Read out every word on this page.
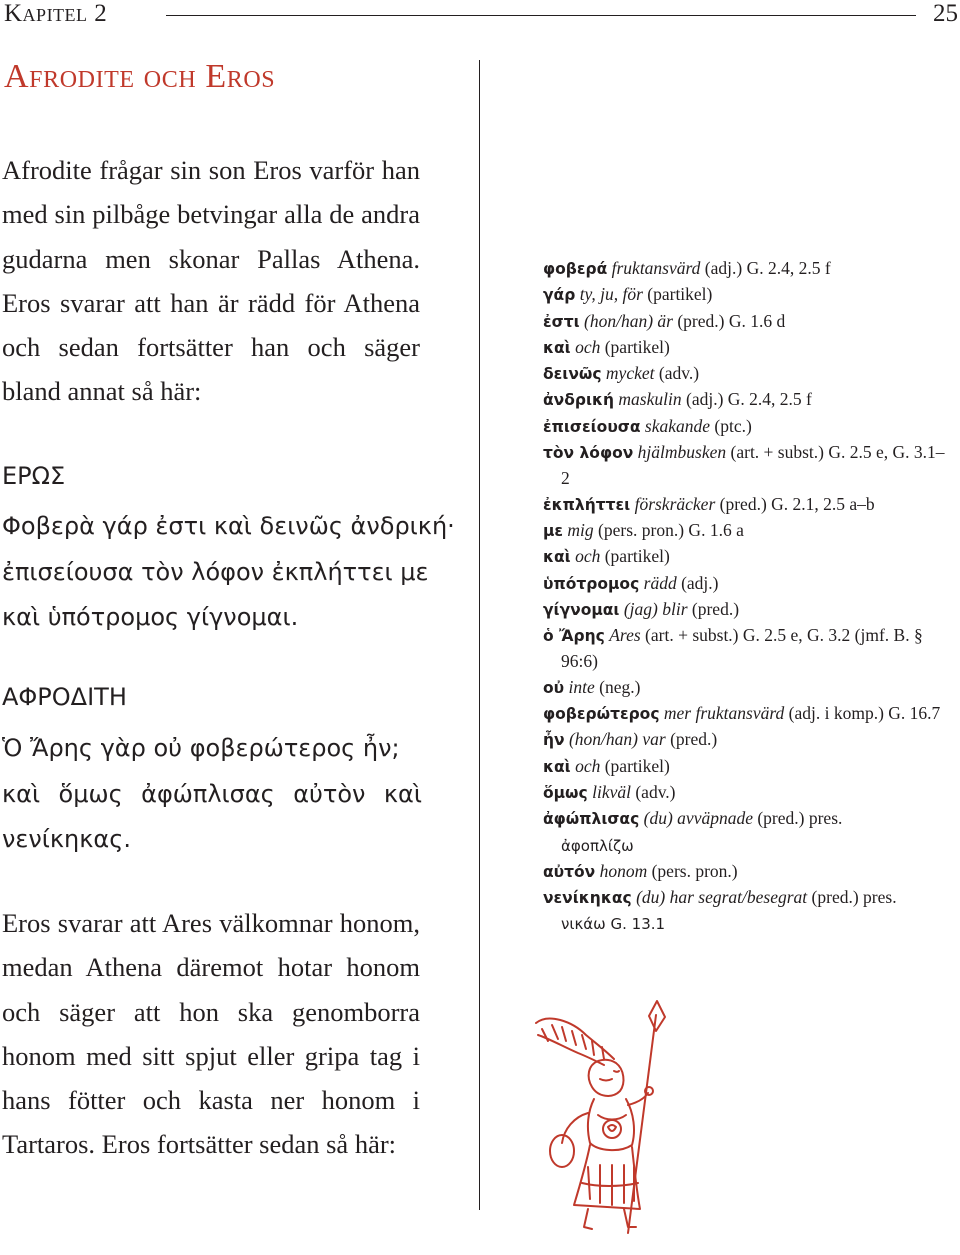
Kapitel 2	25
Afrodite och Eros

Afrodite frågar sin son Eros varför han med sin pilbåge betvingar alla de andra gudarna men skonar Pallas Athena. Eros svarar att han är rädd för Athena och sedan fortsätter han och säger bland annat så här:

ΕΡΩΣ

Φοβερὰ γάρ ἐστι καὶ δεινῶς ἀνδρική·
ἐπισείουσα τὸν λόφον ἐκπλήττει με
καὶ ὑπότρομος γίγνομαι.

ΑΦΡΟΔΙΤΗ

Ὁ Ἄρης γὰρ οὐ φοβερώτερος ἦν;
καὶ ὅμως ἀφώπλισας αὐτὸν καὶ
νενίκηκας.

Eros svarar att Ares välkomnar honom, medan Athena däremot hotar honom och säger att hon ska genomborra honom med sitt spjut eller gripa tag i hans fötter och kasta ner honom i Tartaros. Eros fortsätter sedan så här:

φοβερά fruktansvärd (adj.) G. 2.4, 2.5 f
γάρ ty, ju, för (partikel)
ἐστι (hon/han) är (pred.) G. 1.6 d
καὶ och (partikel)
δεινῶς mycket (adv.)
ἀνδρική maskulin (adj.) G. 2.4, 2.5 f
ἐπισείουσα skakande (ptc.)
τὸν λόφον hjälmbusken (art. + subst.) G. 2.5 e, G. 3.1–2
ἐκπλήττει förskräcker (pred.) G. 2.1, 2.5 a–b
με mig (pers. pron.) G. 1.6 a
καὶ och (partikel)
ὑπότρομος rädd (adj.)
γίγνομαι (jag) blir (pred.)
ὁ Ἄρης Ares (art. + subst.) G. 2.5 e, G. 3.2 (jmf. B. § 96:6)
οὐ inte (neg.)
φοβερώτερος mer fruktansvärd (adj. i komp.) G. 16.7
ἦν (hon/han) var (pred.)
καὶ och (partikel)
ὅμως likväl (adv.)
ἀφώπλισας (du) avväpnade (pred.) pres.
ἀφοπλίζω
αὐτόν honom (pers. pron.)
νενίκηκας (du) har segrat/besegrat (pred.) pres.
νικάω G. 13.1
